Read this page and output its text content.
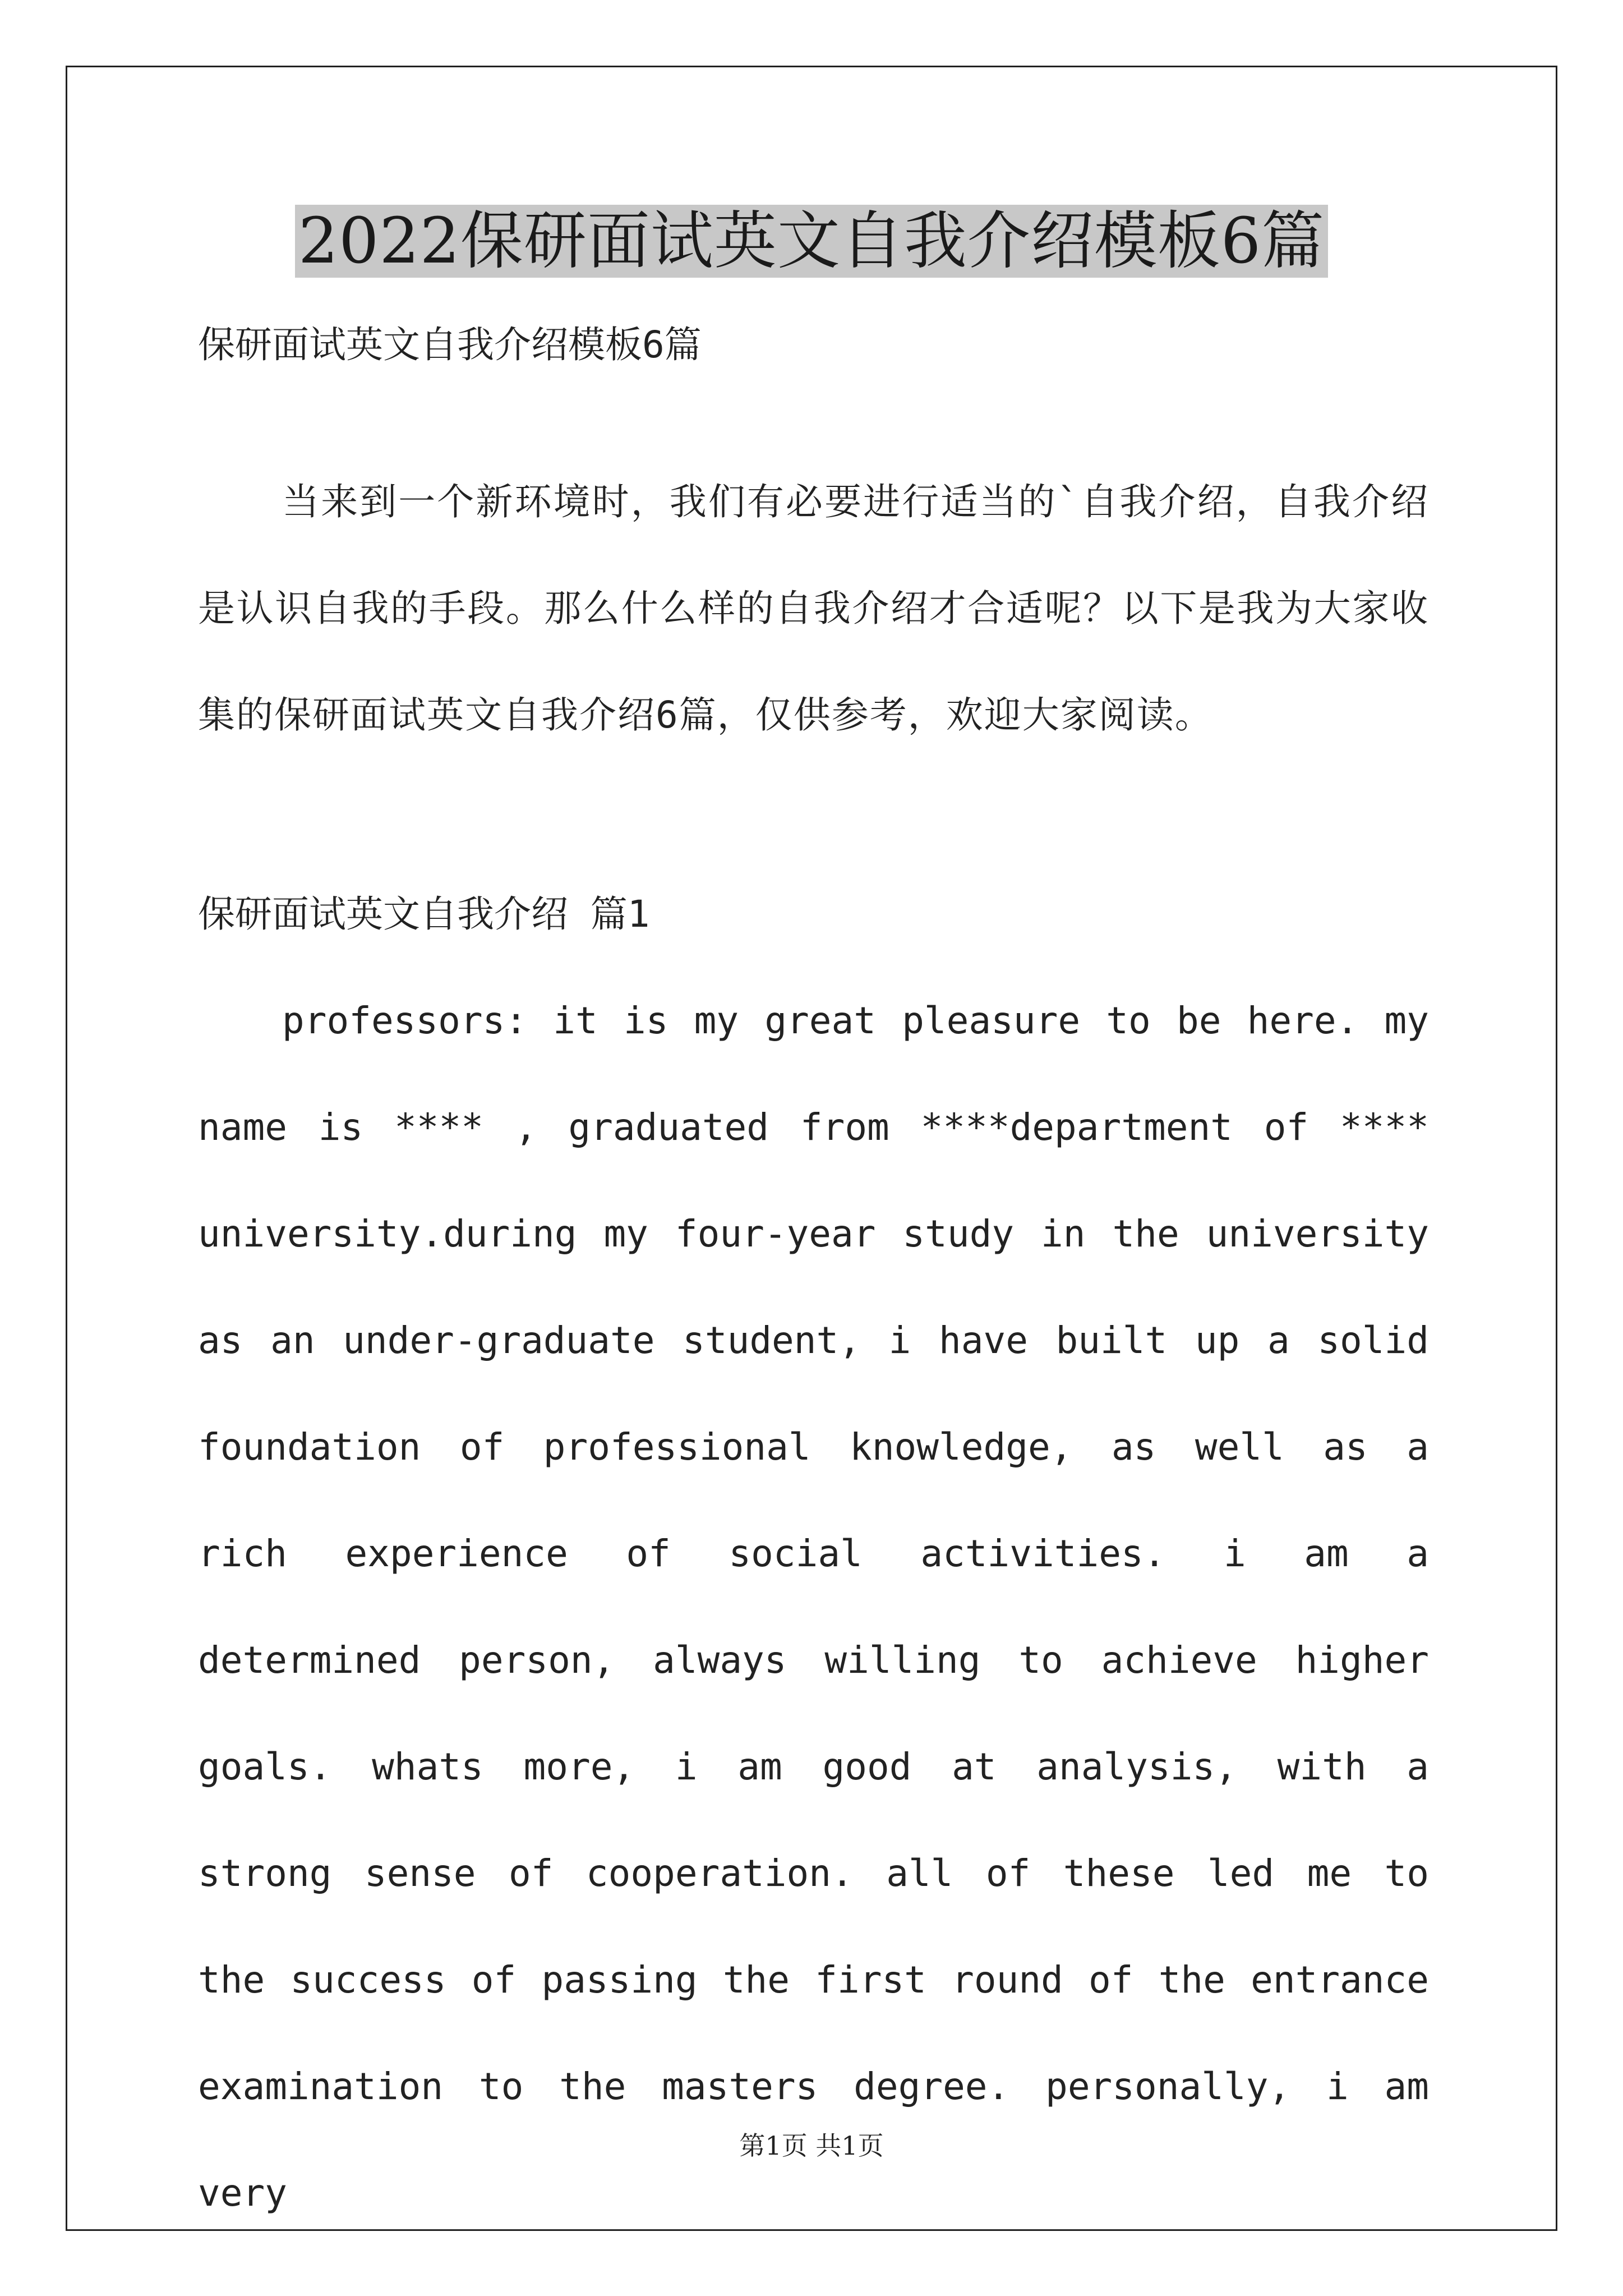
2022保研面试英文自我介绍模板6篇
保研面试英文自我介绍模板6篇

当来到一个新环境时，我们有必要进行适当的`自我介绍，自我介绍是认识自我的手段。那么什么样的自我介绍才合适呢？以下是我为大家收集的保研面试英文自我介绍6篇，仅供参考，欢迎大家阅读。

保研面试英文自我介绍 篇1

professors: it is my great pleasure to be here. my name is **** , graduated from ****department of **** university.during my four-year study in the university as an under-graduate student, i have built up a solid foundation of professional knowledge, as well as a rich experience of social activities. i am a determined person, always willing to achieve higher goals. whats more, i am good at analysis, with a strong sense of cooperation. all of these led me to the success of passing the first round of the entrance examination to the masters degree. personally, i am very

第1页 共1页
